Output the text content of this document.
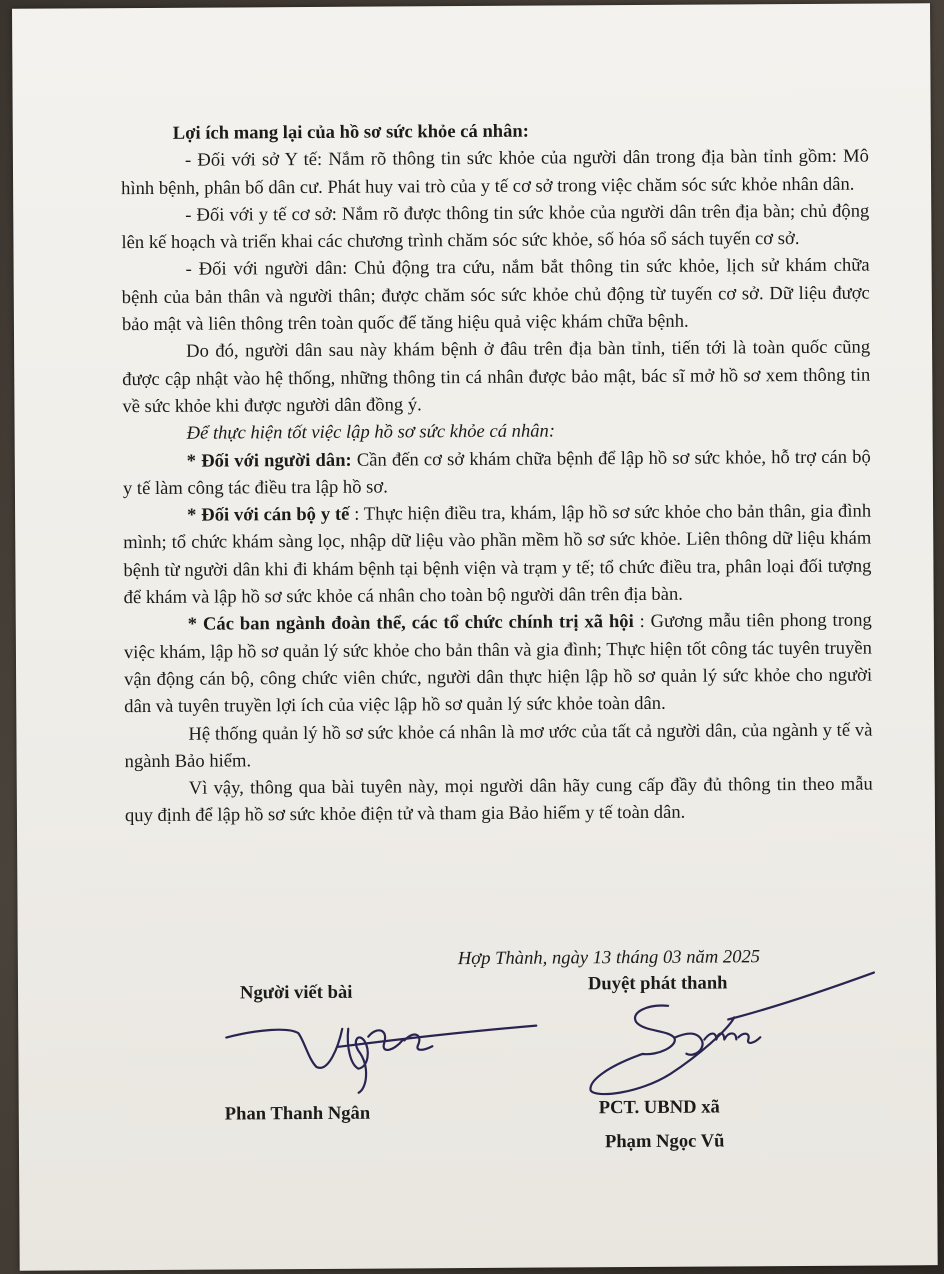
Lợi ích mang lại của hồ sơ sức khỏe cá nhân:

- Đối với sở Y tế: Nắm rõ thông tin sức khỏe của người dân trong địa bàn tỉnh gồm: Mô hình bệnh, phân bố dân cư. Phát huy vai trò của y tế cơ sở trong việc chăm sóc sức khỏe nhân dân.

- Đối với y tế cơ sở: Nắm rõ được thông tin sức khỏe của người dân trên địa bàn; chủ động lên kế hoạch và triển khai các chương trình chăm sóc sức khỏe, số hóa sổ sách tuyến cơ sở.

- Đối với người dân: Chủ động tra cứu, nắm bắt thông tin sức khỏe, lịch sử khám chữa bệnh của bản thân và người thân; được chăm sóc sức khỏe chủ động từ tuyến cơ sở. Dữ liệu được bảo mật và liên thông trên toàn quốc để tăng hiệu quả việc khám chữa bệnh.

Do đó, người dân sau này khám bệnh ở đâu trên địa bàn tỉnh, tiến tới là toàn quốc cũng được cập nhật vào hệ thống, những thông tin cá nhân được bảo mật, bác sĩ mở hồ sơ xem thông tin về sức khỏe khi được người dân đồng ý.

Để thực hiện tốt việc lập hồ sơ sức khỏe cá nhân:

* Đối với người dân: Cần đến cơ sở khám chữa bệnh để lập hồ sơ sức khỏe, hỗ trợ cán bộ y tế làm công tác điều tra lập hồ sơ.

* Đối với cán bộ y tế : Thực hiện điều tra, khám, lập hồ sơ sức khỏe cho bản thân, gia đình mình; tổ chức khám sàng lọc, nhập dữ liệu vào phần mềm hồ sơ sức khỏe. Liên thông dữ liệu khám bệnh từ người dân khi đi khám bệnh tại bệnh viện và trạm y tế; tổ chức điều tra, phân loại đối tượng để khám và lập hồ sơ sức khỏe cá nhân cho toàn bộ người dân trên địa bàn.

* Các ban ngành đoàn thể, các tổ chức chính trị xã hội : Gương mẫu tiên phong trong việc khám, lập hồ sơ quản lý sức khỏe cho bản thân và gia đình; Thực hiện tốt công tác tuyên truyền vận động cán bộ, công chức viên chức, người dân thực hiện lập hồ sơ quản lý sức khỏe cho người dân và tuyên truyền lợi ích của việc lập hồ sơ quản lý sức khỏe toàn dân.

Hệ thống quản lý hồ sơ sức khỏe cá nhân là mơ ước của tất cả người dân, của ngành y tế và ngành Bảo hiểm.

Vì vậy, thông qua bài tuyên này, mọi người dân hãy cung cấp đầy đủ thông tin theo mẫu quy định để lập hồ sơ sức khỏe điện tử và tham gia Bảo hiểm y tế toàn dân.

Hợp Thành, ngày 13 tháng 03 năm 2025
Người viết bài	Duyệt phát thanh
Phan Thanh Ngân	PCT. UBND xã
Phạm Ngọc Vũ
